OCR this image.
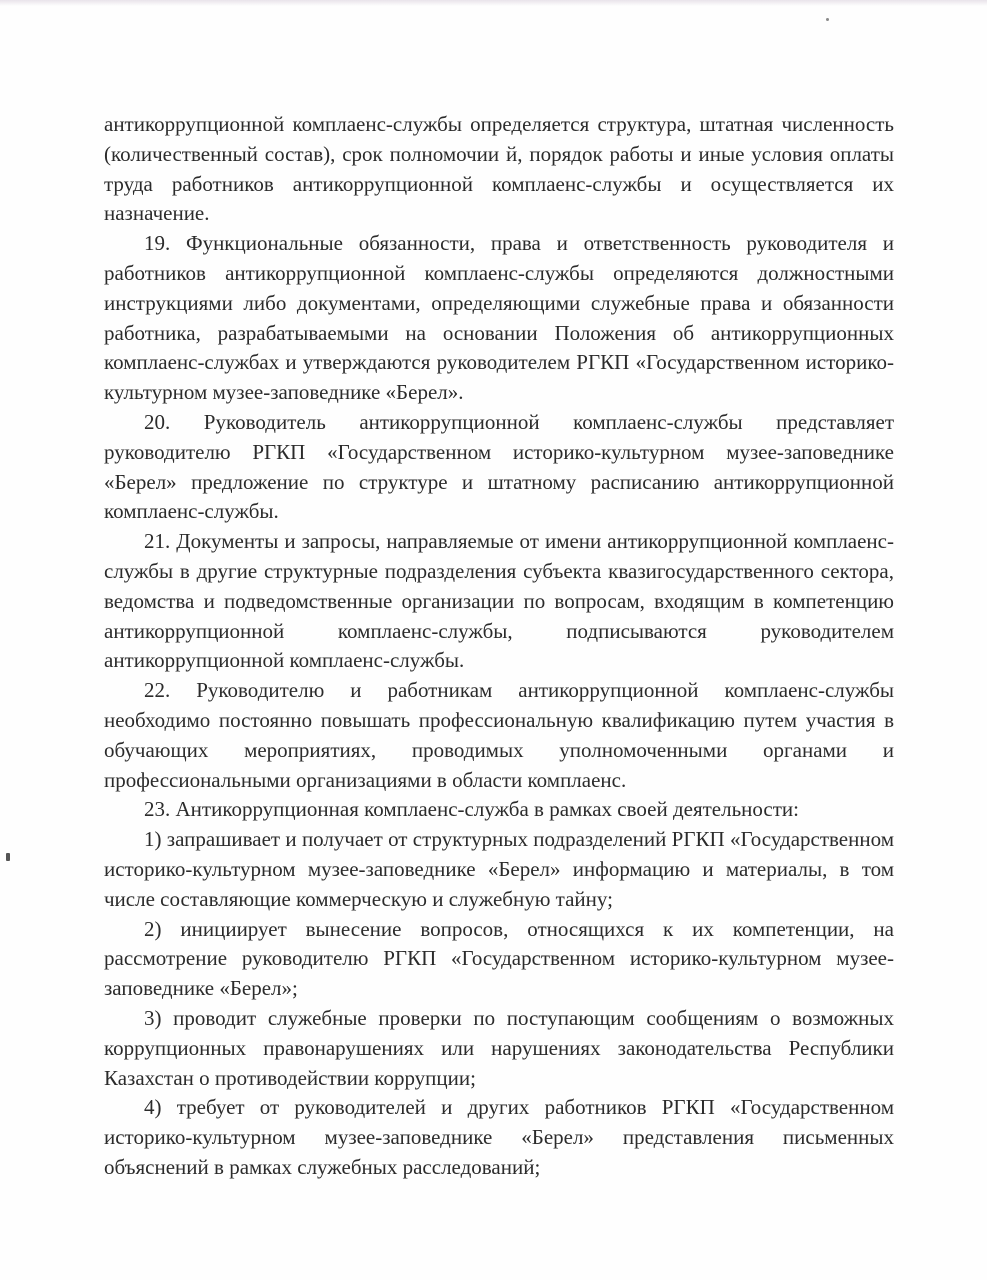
антикоррупционной комплаенс-службы определяется структура, штатная численность (количественный состав), срок полномочии й, порядок работы и иные условия оплаты труда работников антикоррупционной комплаенс-службы и осуществляется их назначение.

19. Функциональные обязанности, права и ответственность руководителя и работников антикоррупционной комплаенс-службы определяются должностными инструкциями либо документами, определяющими служебные права и обязанности работника, разрабатываемыми на основании Положения об антикоррупционных комплаенс-службах и утверждаются руководителем РГКП «Государственном историко-культурном музее-заповеднике «Берел».

20. Руководитель антикоррупционной комплаенс-службы представляет руководителю РГКП «Государственном историко-культурном музее-заповеднике «Берел» предложение по структуре и штатному расписанию антикоррупционной комплаенс-службы.

21. Документы и запросы, направляемые от имени антикоррупционной комплаенс-службы в другие структурные подразделения субъекта квазигосударственного сектора, ведомства и подведомственные организации по вопросам, входящим в компетенцию антикоррупционной комплаенс-службы, подписываются руководителем антикоррупционной комплаенс-службы.

22. Руководителю и работникам антикоррупционной комплаенс-службы необходимо постоянно повышать профессиональную квалификацию путем участия в обучающих мероприятиях, проводимых уполномоченными органами и профессиональными организациями в области комплаенс.

23. Антикоррупционная комплаенс-служба в рамках своей деятельности:

1) запрашивает и получает от структурных подразделений РГКП «Государственном историко-культурном музее-заповеднике «Берел» информацию и материалы, в том числе составляющие коммерческую и служебную тайну;

2) инициирует вынесение вопросов, относящихся к их компетенции, на рассмотрение руководителю РГКП «Государственном историко-культурном музее-заповеднике «Берел»;

3) проводит служебные проверки по поступающим сообщениям о возможных коррупционных правонарушениях или нарушениях законодательства Республики Казахстан о противодействии коррупции;

4) требует от руководителей и других работников РГКП «Государственном историко-культурном музее-заповеднике «Берел» представления письменных объяснений в рамках служебных расследований;
